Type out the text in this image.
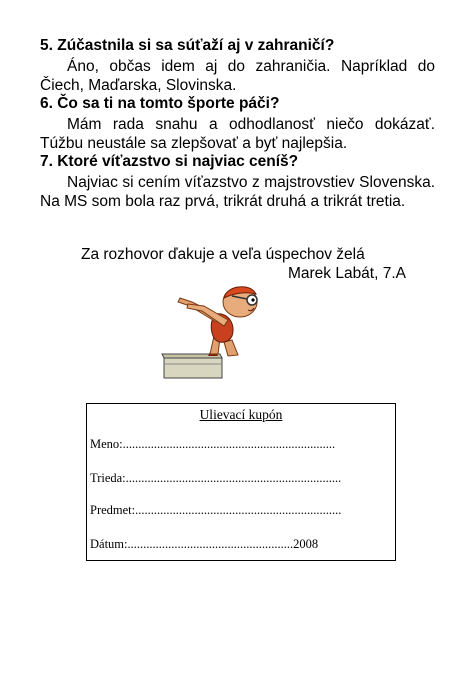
5. Zúčastnila si sa súťaží aj v zahraničí?
Áno, občas idem aj do zahraničia. Napríklad do Čiech, Maďarska, Slovinska.
6. Čo sa ti na tomto športe páči?
Mám rada snahu a odhodlanosť niečo dokázať. Túžbu neustále sa zlepšovať a byť najlepšia.
7. Ktoré víťazstvo si najviac ceníš?
Najviac si cením víťazstvo z majstrovstiev Slovenska. Na MS som bola raz prvá, trikrát druhá a trikrát tretia.
Za rozhovor ďakuje a veľa úspechov želá
Marek Labát, 7.A
Ulievací kupón
Meno:....................................................................
Trieda:.....................................................................
Predmet:..................................................................
Dátum:.....................................................2008
